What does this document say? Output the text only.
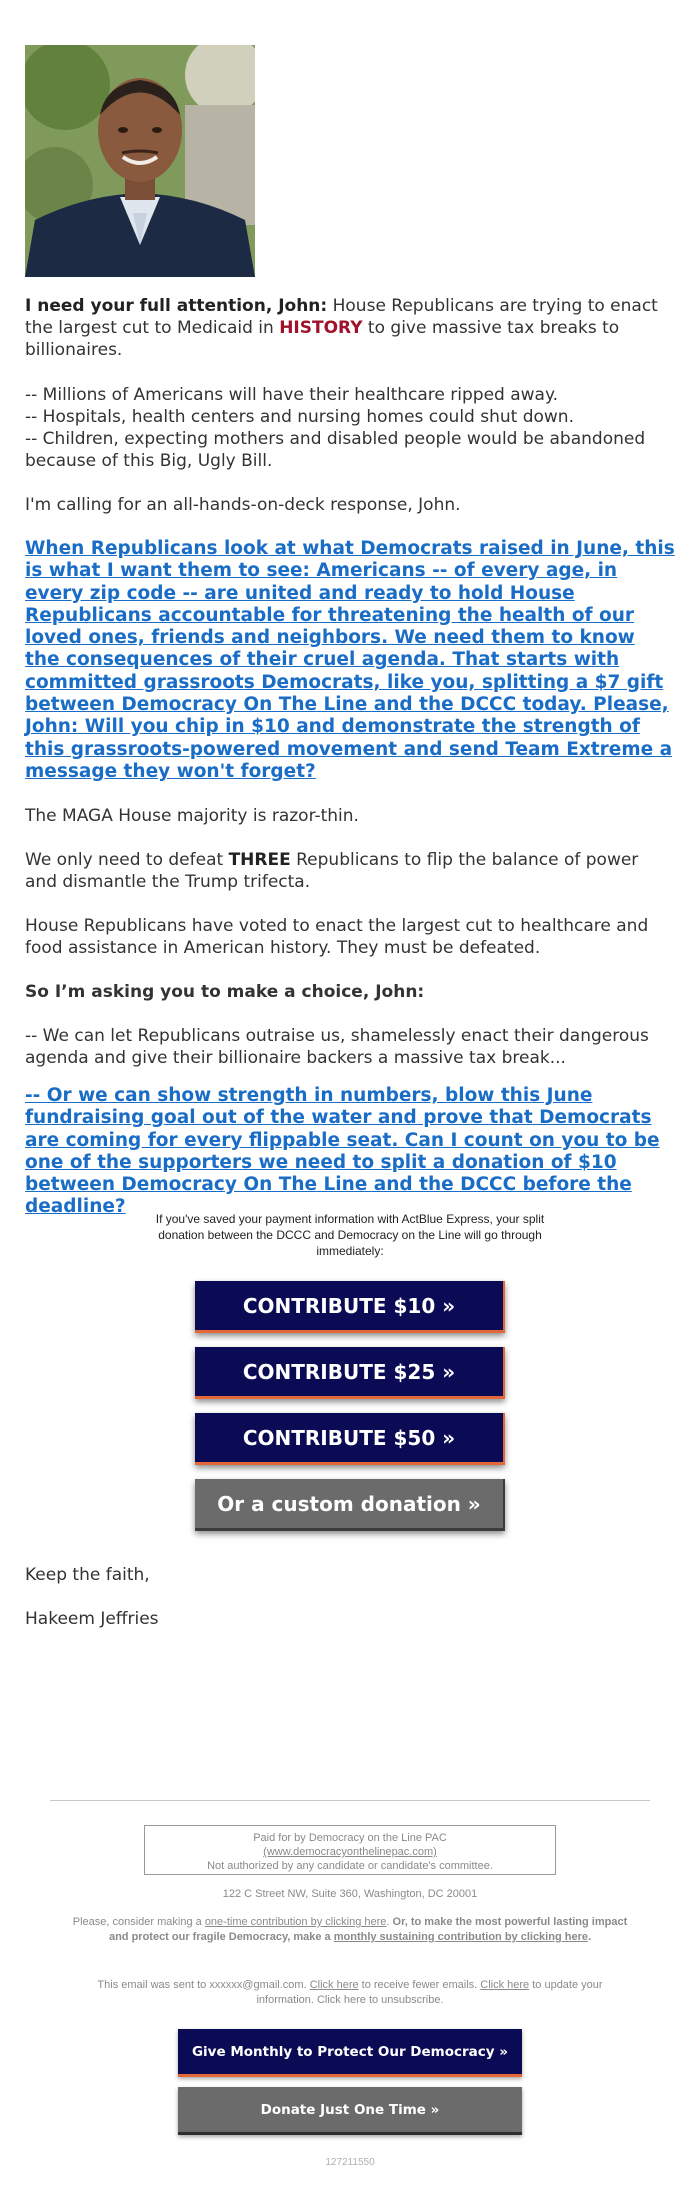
I need your full attention, John: House Republicans are trying to enact the largest cut to Medicaid in HISTORY to give massive tax breaks to billionaires.

-- Millions of Americans will have their healthcare ripped away.

-- Hospitals, health centers and nursing homes could shut down.

-- Children, expecting mothers and disabled people would be abandoned because of this Big, Ugly Bill.

I'm calling for an all-hands-on-deck response, John.

When Republicans look at what Democrats raised in June, this is what I want them to see: Americans -- of every age, in every zip code -- are united and ready to hold House Republicans accountable for threatening the health of our loved ones, friends and neighbors. We need them to know the consequences of their cruel agenda. That starts with committed grassroots Democrats, like you, splitting a $7 gift between Democracy On The Line and the DCCC today. Please, John: Will you chip in $10 and demonstrate the strength of this grassroots-powered movement and send Team Extreme a message they won't forget?

The MAGA House majority is razor-thin.

We only need to defeat THREE Republicans to flip the balance of power and dismantle the Trump trifecta.

House Republicans have voted to enact the largest cut to healthcare and food assistance in American history. They must be defeated.

So I’m asking you to make a choice, John:

-- We can let Republicans outraise us, shamelessly enact their dangerous agenda and give their billionaire backers a massive tax break...

-- Or we can show strength in numbers, blow this June fundraising goal out of the water and prove that Democrats are coming for every flippable seat. Can I count on you to be one of the supporters we need to split a donation of $10 between Democracy On The Line and the DCCC before the deadline?
If you've saved your payment information with ActBlue Express, your split donation between the DCCC and Democracy on the Line will go through immediately:
CONTRIBUTE $10 »
CONTRIBUTE $25 »
CONTRIBUTE $50 »
Or a custom donation »

Keep the faith,

Hakeem Jeffries

Paid for by Democracy on the Line PAC
(www.democracyonthelinepac.com)
Not authorized by any candidate or candidate's committee.
122 C Street NW, Suite 360, Washington, DC 20001
Please, consider making a one-time contribution by clicking here. Or, to make the most powerful lasting impact and protect our fragile Democracy, make a monthly sustaining contribution by clicking here.
This email was sent to xxxxxx@gmail.com. Click here to receive fewer emails. Click here to update your information. Click here to unsubscribe.
Give Monthly to Protect Our Democracy »
Donate Just One Time »
127211550
